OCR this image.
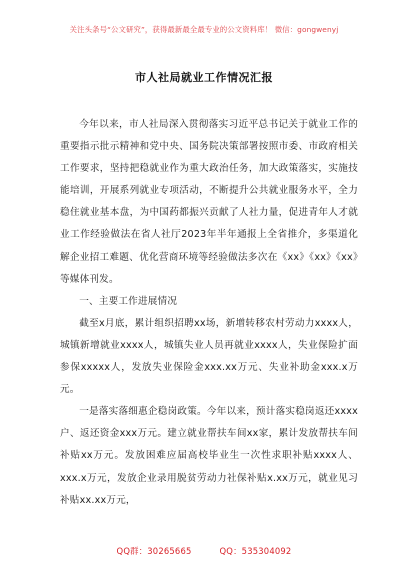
关注头条号“公文研究”，获得最新最全最专业的公文资料库！ 微信：gongwenyj
市人社局就业工作情况汇报

今年以来，市人社局深入贯彻落实习近平总书记关于就业工作的重要指示批示精神和党中央、国务院决策部署按照市委、市政府相关工作要求，坚持把稳就业作为重大政治任务，加大政策落实，实施技能培训，开展系列就业专项活动，不断提升公共就业服务水平，全力稳住就业基本盘，为中国药都振兴贡献了人社力量，促进青年人才就业工作经验做法在省人社厅2023年半年通报上全省推介，多渠道化解企业招工难题、优化营商环境等经验做法多次在《xx》《xx》《xx》等媒体刊发。

一、主要工作进展情况

截至x月底，累计组织招聘xx场，新增转移农村劳动力xxxx人，城镇新增就业xxxx人，城镇失业人员再就业xxxx人，失业保险扩面参保xxxxx人，发放失业保险金xxx.xx万元、失业补助金xxx.x万元。

一是落实落细惠企稳岗政策。今年以来，预计落实稳岗返还xxxx户、返还资金xxx万元。建立就业帮扶车间xx家，累计发放帮扶车间补贴xx万元。发放困难应届高校毕业生一次性求职补贴xxxx人、xxx.x万元，发放企业录用脱贫劳动力社保补贴x.xx万元，就业见习补贴xx.xx万元，

QQ群：30265665	QQ：535304092
